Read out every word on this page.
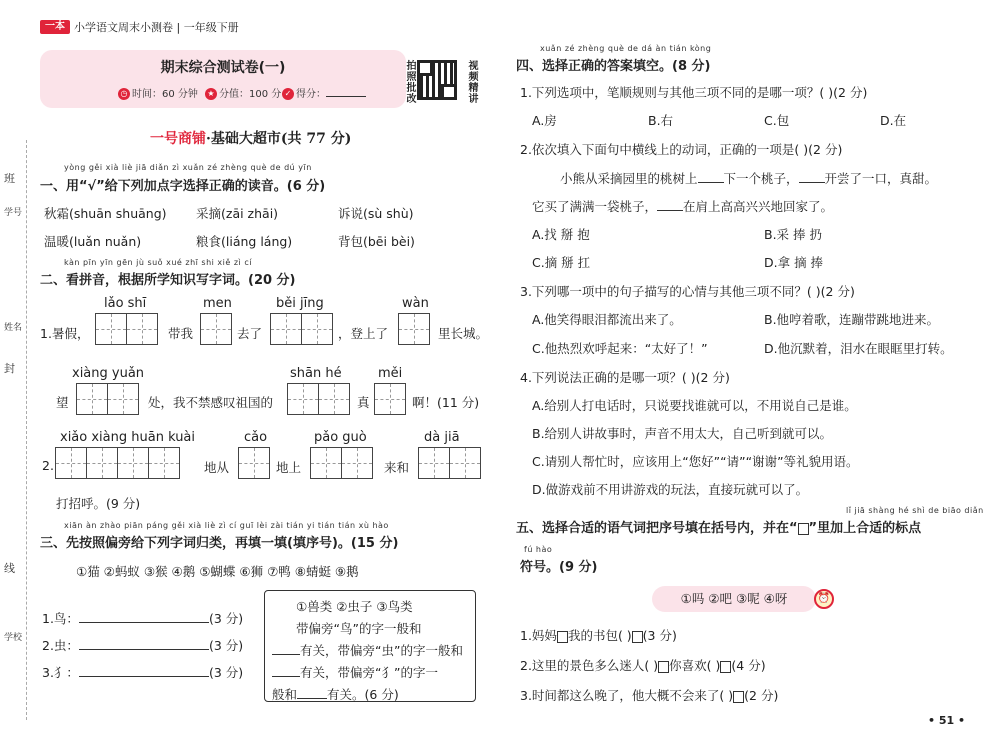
一本 小学语文周末小测卷 | 一年级下册
期末综合测试卷(一)
◷ 时间：60 分钟	★ 分值：100 分 ✓ 得分：	拍照批改	视频精讲
班
学号
姓名
封
线
学校
一号商铺·基础大超市(共 77 分)
yòng gěi xià liè jiā diǎn zì xuǎn zé zhèng què de dú yīn
一、用“√”给下列加点字选择正确的读音。(6 分)
秋霜(shuān shuāng) 采摘(zāi zhāi)	诉说(sù shù)
温暖(luǎn nuǎn)	粮食(liáng láng)	背包(bēi bèi)
kàn pīn yīn gēn jù suǒ xué zhī shi xiě zì cí
二、看拼音，根据所学知识写字词。(20 分)
lǎo shī	men	běi jīng	wàn
1.暑假，	带我	去了	，登上了	里长城。
xiàng yuǎn	shān hé	měi
望	处，我不禁感叹祖国的	真	啊！(11 分)
xiǎo xiàng huān kuài	cǎo	pǎo guò	dà jiā
2.	地从	地上	来和
打招呼。(9 分)
xiān àn zhào piān páng gěi xià liè zì cí guī lèi zài tián yi tián tián xù hào
三、先按照偏旁给下列字词归类，再填一填(填序号)。(15 分)
①猫 ②蚂蚁 ③猴 ④鹅 ⑤蝴蝶 ⑥狮 ⑦鸭 ⑧蜻蜓 ⑨鹅
1.鸟：	(3 分)
2.虫：	(3 分)
3.犭：	(3 分)
①兽类 ②虫子 ③鸟类
带偏旁“鸟”的字一般和
有关，带偏旁“虫”的字一般和
有关，带偏旁“犭”的字一
般和 有关。(6 分)
xuǎn zé zhèng què de dá àn tián kòng
四、选择正确的答案填空。(8 分)
1.下列选项中，笔顺规则与其他三项不同的是哪一项？( )(2 分)
A.房	B.右	C.包	D.在
2.依次填入下面句中横线上的动词，正确的一项是( )(2 分)
小熊从采摘园里的桃树上 下一个桃子， 开尝了一口，真甜。
它买了满满一袋桃子， 在肩上高高兴兴地回家了。
A.找 掰 抱	B.采 捧 扔
C.摘 掰 扛	D.拿 摘 捧
3.下列哪一项中的句子描写的心情与其他三项不同？( )(2 分)
A.他笑得眼泪都流出来了。	B.他哼着歌，连蹦带跳地进来。
C.他热烈欢呼起来：“太好了！”	D.他沉默着，泪水在眼眶里打转。
4.下列说法正确的是哪一项？( )(2 分)
A.给别人打电话时，只说要找谁就可以，不用说自己是谁。
B.给别人讲故事时，声音不用太大，自己听到就可以。
C.请别人帮忙时，应该用上“您好”“请”“谢谢”等礼貌用语。
D.做游戏前不用讲游戏的玩法，直接玩就可以了。
lǐ jiā shàng hé shì de biāo diǎn
五、选择合适的语气词把序号填在括号内，并在“ ”里加上合适的标点
fú hào
符号。(9 分)
①吗 ②吧 ③呢 ④呀	⏰
1.妈妈 我的书包( ) (3 分)
2.这里的景色多么迷人( ) 你喜欢( ) (4 分)
3.时间都这么晚了，他大概不会来了( ) (2 分)
• 51 •
